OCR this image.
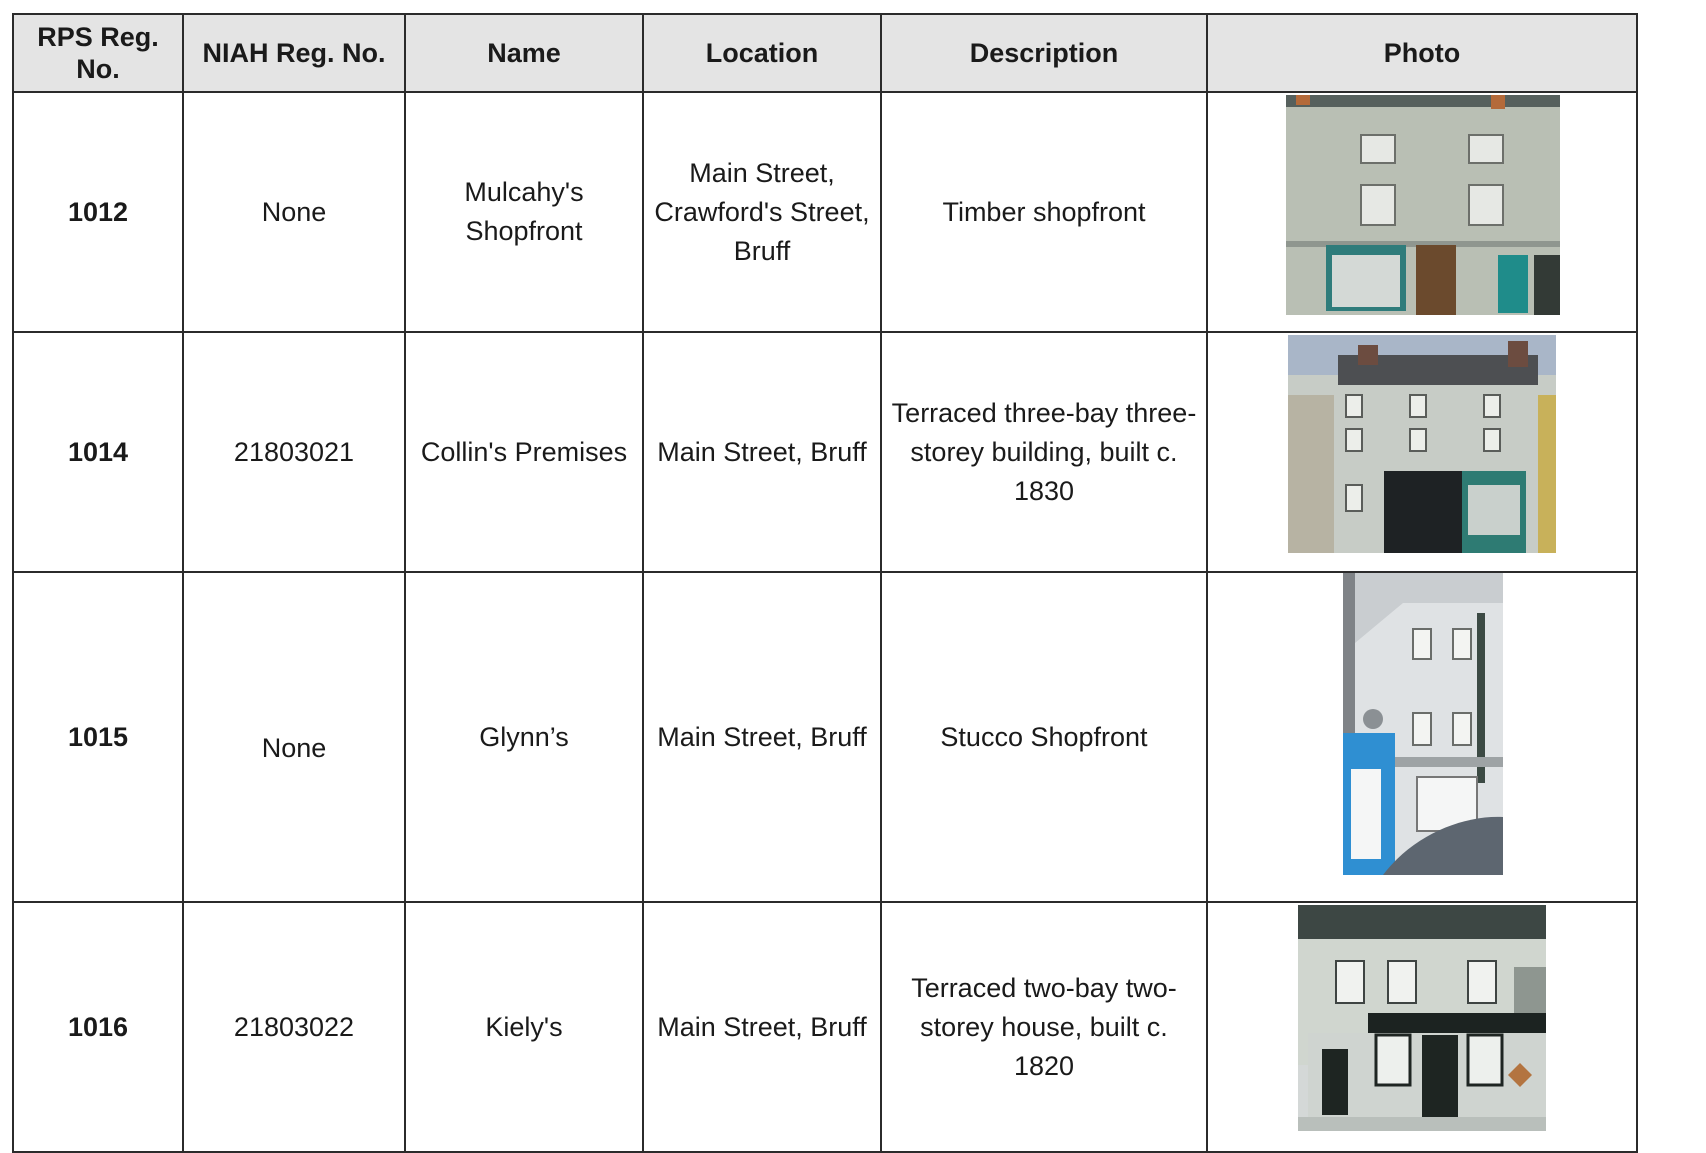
RPS Reg. No.	NIAH Reg. No.	Name	Location	Description	Photo
1012	None	Mulcahy's Shopfront	Main Street, Crawford's Street, Bruff	Timber shopfront	

1014	21803021	Collin's Premises	Main Street, Bruff	Terraced three-bay three-storey building, built c. 1830	

1015	None	Glynn’s	Main Street, Bruff	Stucco Shopfront	

1016	21803022	Kiely's	Main Street, Bruff	Terraced two-bay two-storey house, built c. 1820	
